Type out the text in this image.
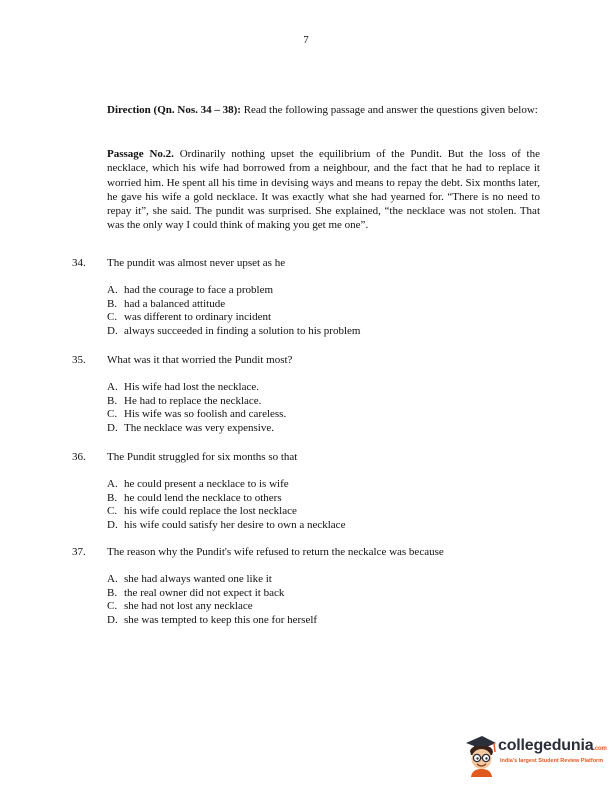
7
Direction (Qn. Nos. 34 – 38): Read the following passage and answer the questions given below:
Passage No.2. Ordinarily nothing upset the equilibrium of the Pundit. But the loss of the necklace, which his wife had borrowed from a neighbour, and the fact that he had to replace it worried him. He spent all his time in devising ways and means to repay the debt. Six months later, he gave his wife a gold necklace. It was exactly what she had yearned for. “There is no need to repay it”, she said. The pundit was surprised. She explained, “the necklace was not stolen. That was the only way I could think of making you get me one”.
34. The pundit was almost never upset as he
A. had the courage to face a problem
B. had a balanced attitude
C. was different to ordinary incident
D. always succeeded in finding a solution to his problem
35. What was it that worried the Pundit most?
A. His wife had lost the necklace.
B. He had to replace the necklace.
C. His wife was so foolish and careless.
D. The necklace was very expensive.
36. The Pundit struggled for six months so that
A. he could present a necklace to is wife
B. he could lend the necklace to others
C. his wife could replace the lost necklace
D. his wife could satisfy her desire to own a necklace
37. The reason why the Pundit's wife refused to return the neckalce was because
A. she had always wanted one like it
B. the real owner did not expect it back
C. she had not lost any necklace
D. she was tempted to keep this one for herself
collegedunia.com
India's largest Student Review Platform
